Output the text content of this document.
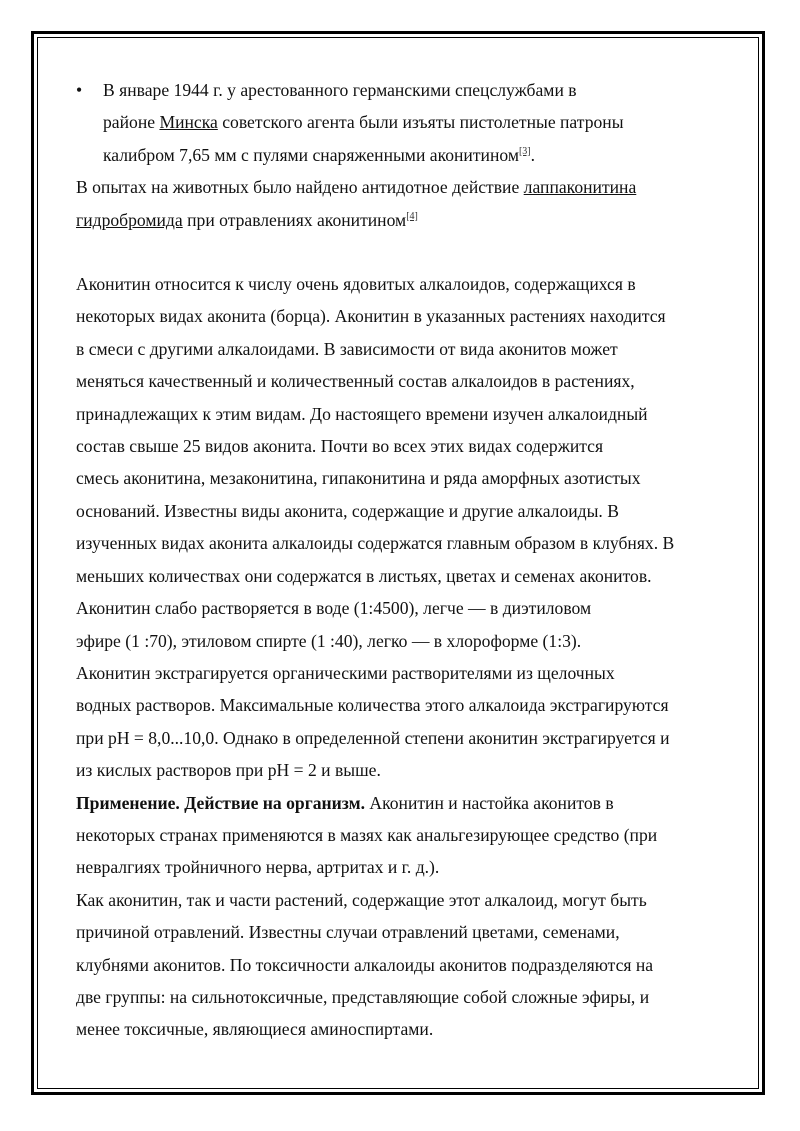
• В январе 1944 г. у арестованного германскими спецслужбами в

районе Минска советского агента были изъяты пистолетные патроны

калибром 7,65 мм с пулями снаряженными аконитином[3].

В опытах на животных было найдено антидотное действие лаппаконитина

гидробромида при отравлениях аконитином[4]

Аконитин относится к числу очень ядовитых алкалоидов, содержащихся в

некоторых видах аконита (борца). Аконитин в указанных растениях находится

в смеси с другими алкалоидами. В зависимости от вида аконитов может

меняться качественный и количественный состав алкалоидов в растениях,

принадлежащих к этим видам. До настоящего времени изучен алкалоидный

состав свыше 25 видов аконита. Почти во всех этих видах содержится

смесь аконитина, мезаконитина, гипаконитина и ряда аморфных азотистых

оснований. Известны виды аконита, содержащие и другие алкалоиды. В

изученных видах аконита алкалоиды содержатся главным образом в клубнях. В

меньших количествах они содержатся в листьях, цветах и семенах аконитов.

Аконитин слабо растворяется в воде (1:4500), легче — в диэтиловом

эфире (1 :70), этиловом спирте (1 :40), легко — в хлороформе (1:3).

Аконитин экстрагируется органическими растворителями из щелочных

водных растворов. Максимальные количества этого алкалоида экстрагируются

при pH = 8,0...10,0. Однако в определенной степени аконитин экстрагируется и

из кислых растворов при pH = 2 и выше.

Применение. Действие на организм. Аконитин и настойка аконитов в

некоторых странах применяются в мазях как анальгезирующее средство (при

невралгиях тройничного нерва, артритах и г. д.).

Как аконитин, так и части растений, содержащие этот алкалоид, могут быть

причиной отравлений. Известны случаи отравлений цветами, семенами,

клубнями аконитов. По токсичности алкалоиды аконитов подразделяются на

две группы: на сильнотоксичные, представляющие собой сложные эфиры, и

менее токсичные, являющиеся аминоспиртами.
